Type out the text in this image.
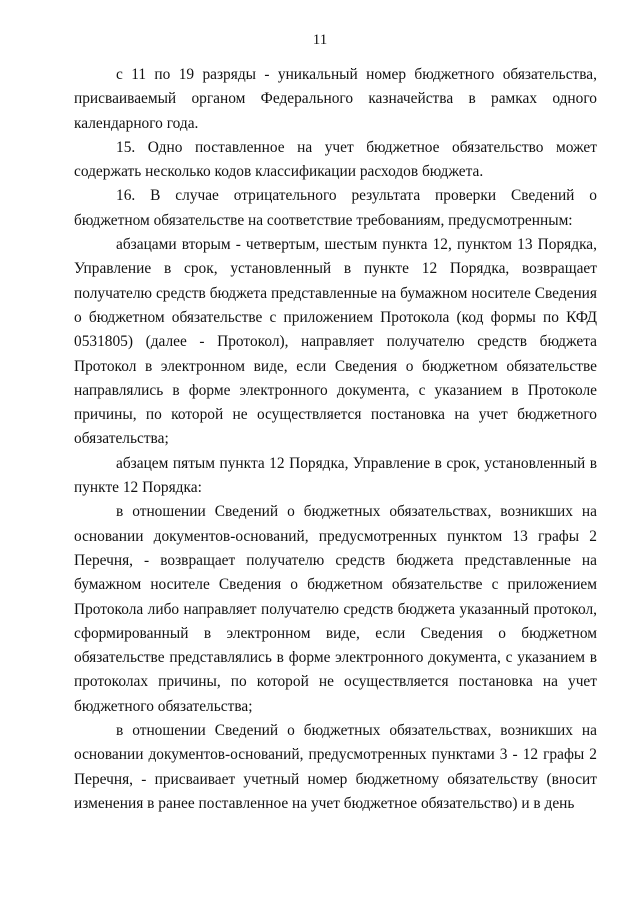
11

с 11 по 19 разряды - уникальный номер бюджетного обязательства, присваиваемый органом Федерального казначейства в рамках одного календарного года.

15. Одно поставленное на учет бюджетное обязательство может содержать несколько кодов классификации расходов бюджета.

16. В случае отрицательного результата проверки Сведений о бюджетном обязательстве на соответствие требованиям, предусмотренным:

абзацами вторым - четвертым, шестым пункта 12, пунктом 13 Порядка, Управление в срок, установленный в пункте 12 Порядка, возвращает получателю средств бюджета представленные на бумажном носителе Сведения о бюджетном обязательстве с приложением Протокола (код формы по КФД 0531805) (далее - Протокол), направляет получателю средств бюджета Протокол в электронном виде, если Сведения о бюджетном обязательстве направлялись в форме электронного документа, с указанием в Протоколе причины, по которой не осуществляется постановка на учет бюджетного обязательства;

абзацем пятым пункта 12 Порядка, Управление в срок, установленный в пункте 12 Порядка:

в отношении Сведений о бюджетных обязательствах, возникших на основании документов-оснований, предусмотренных пунктом 13 графы 2 Перечня, - возвращает получателю средств бюджета представленные на бумажном носителе Сведения о бюджетном обязательстве с приложением Протокола либо направляет получателю средств бюджета указанный протокол, сформированный в электронном виде, если Сведения о бюджетном обязательстве представлялись в форме электронного документа, с указанием в протоколах причины, по которой не осуществляется постановка на учет бюджетного обязательства;

в отношении Сведений о бюджетных обязательствах, возникших на основании документов-оснований, предусмотренных пунктами 3 - 12 графы 2 Перечня, - присваивает учетный номер бюджетному обязательству (вносит изменения в ранее поставленное на учет бюджетное обязательство) и в день
